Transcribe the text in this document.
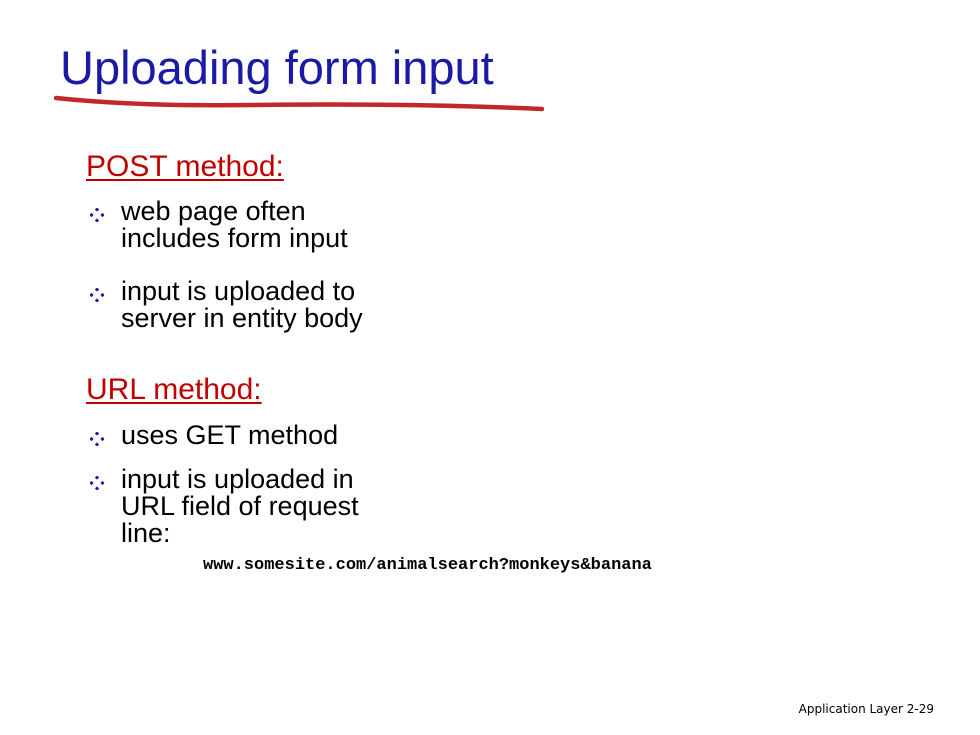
Uploading form input
POST method:
web page often
includes form input
input is uploaded to
server in entity body
URL method:
uses GET method
input is uploaded in
URL field of request
line:
www.somesite.com/animalsearch?monkeys&banana
Application Layer 2-29
